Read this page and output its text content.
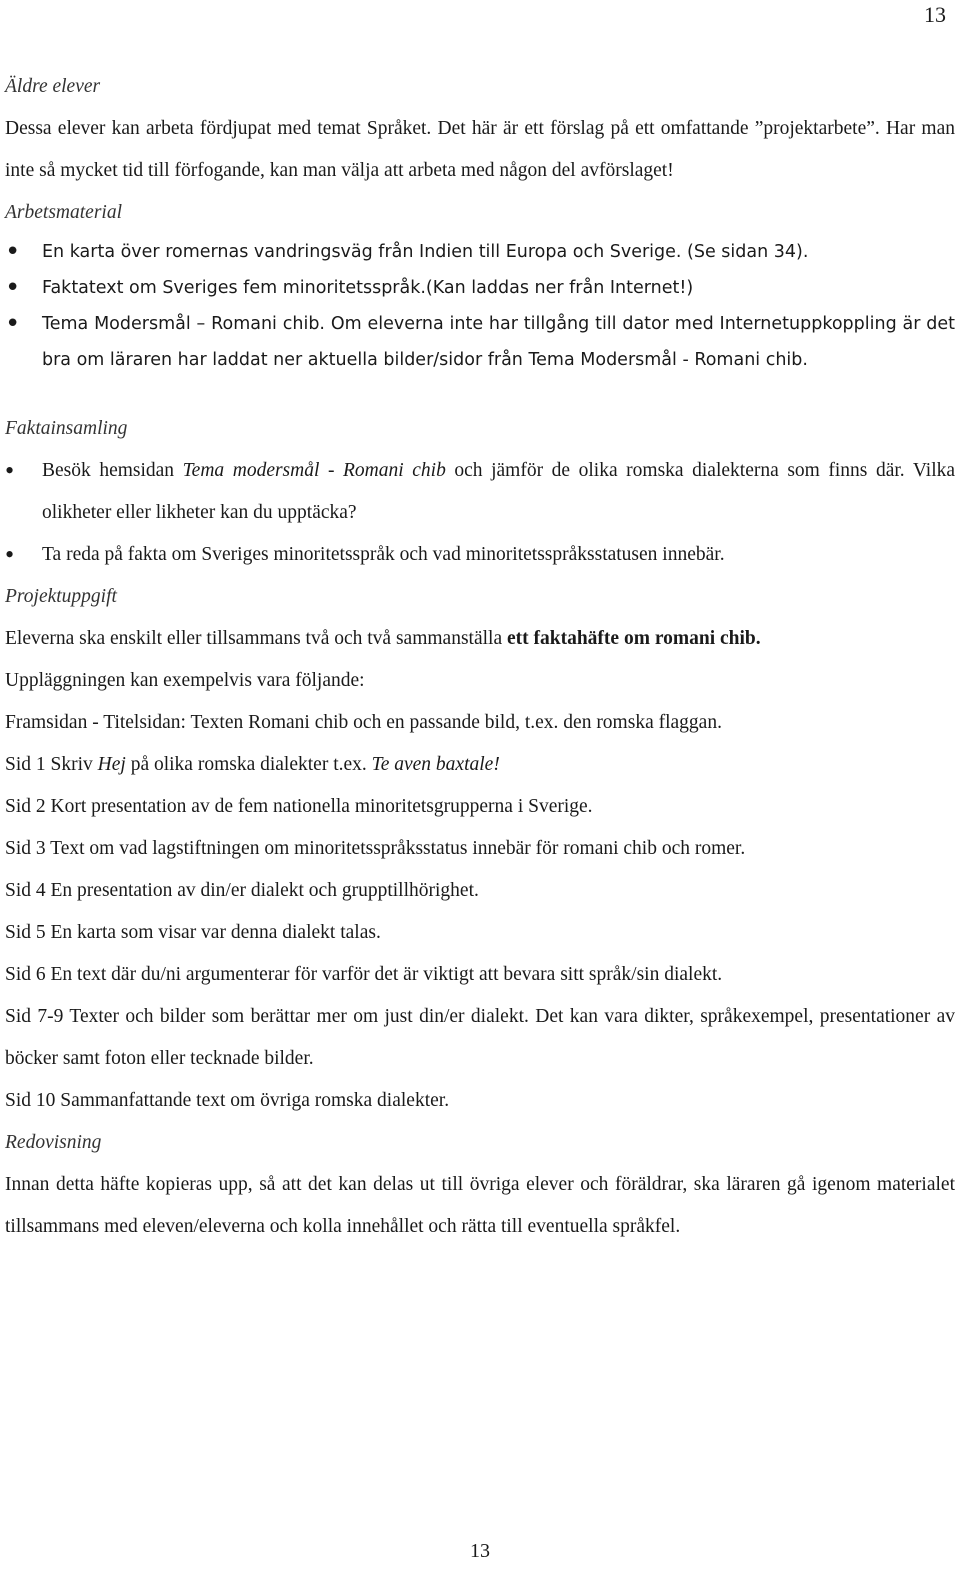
13

Äldre elever

Dessa elever kan arbeta fördjupat med temat Språket. Det här är ett förslag på ett omfattande ”projektarbete”. Har man inte så mycket tid till förfogande, kan man välja att arbeta med någon del avförslaget!

Arbetsmaterial

• En karta över romernas vandringsväg från Indien till Europa och Sverige. (Se sidan 34).
• Faktatext om Sveriges fem minoritetsspråk.(Kan laddas ner från Internet!)
• Tema Modersmål – Romani chib. Om eleverna inte har tillgång till dator med Internetuppkoppling är det bra om läraren har laddat ner aktuella bilder/sidor från Tema Modersmål - Romani chib.

Faktainsamling

• Besök hemsidan Tema modersmål - Romani chib och jämför de olika romska dialekterna som finns där. Vilka olikheter eller likheter kan du upptäcka?
• Ta reda på fakta om Sveriges minoritetsspråk och vad minoritetsspråksstatusen innebär.

Projektuppgift

Eleverna ska enskilt eller tillsammans två och två sammanställa ett faktahäfte om romani chib.

Uppläggningen kan exempelvis vara följande:

Framsidan - Titelsidan: Texten Romani chib och en passande bild, t.ex. den romska flaggan.

Sid 1 Skriv Hej på olika romska dialekter t.ex. Te aven baxtale!

Sid 2 Kort presentation av de fem nationella minoritetsgrupperna i Sverige.

Sid 3 Text om vad lagstiftningen om minoritetsspråksstatus innebär för romani chib och romer.

Sid 4 En presentation av din/er dialekt och grupptillhörighet.

Sid 5 En karta som visar var denna dialekt talas.

Sid 6 En text där du/ni argumenterar för varför det är viktigt att bevara sitt språk/sin dialekt.

Sid 7-9 Texter och bilder som berättar mer om just din/er dialekt. Det kan vara dikter, språkexempel, presentationer av böcker samt foton eller tecknade bilder.

Sid 10 Sammanfattande text om övriga romska dialekter.

Redovisning

Innan detta häfte kopieras upp, så att det kan delas ut till övriga elever och föräldrar, ska läraren gå igenom materialet tillsammans med eleven/eleverna och kolla innehållet och rätta till eventuella språkfel.

13
